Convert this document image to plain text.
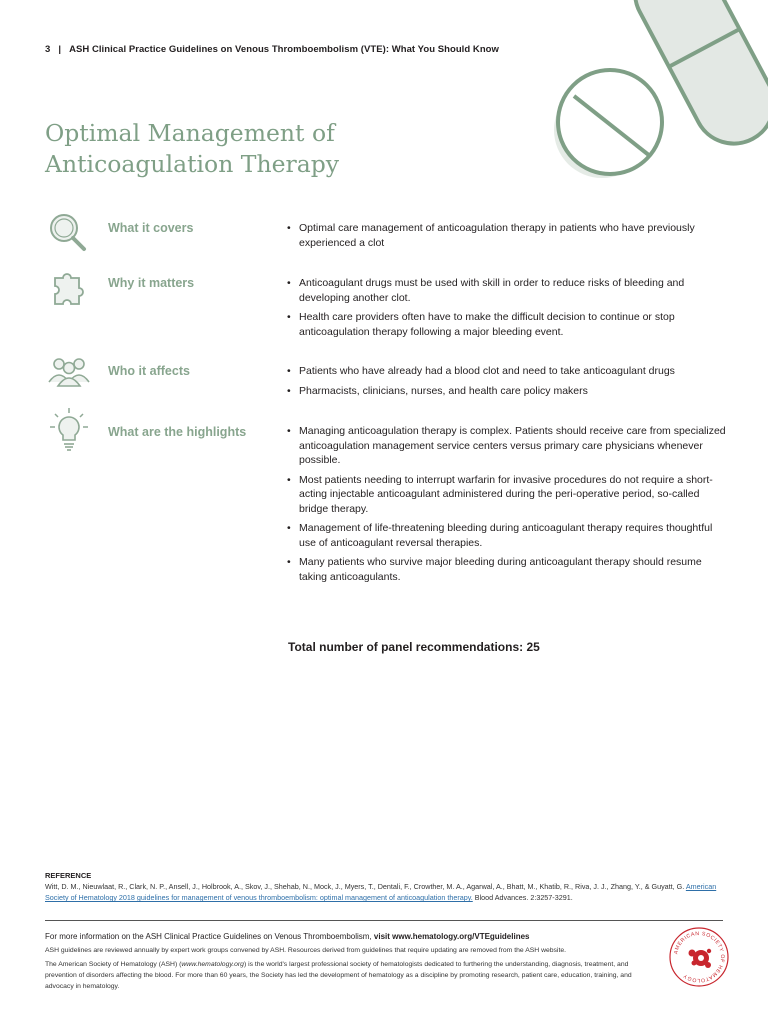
3 | ASH Clinical Practice Guidelines on Venous Thromboembolism (VTE): What You Should Know
Optimal Management of
Anticoagulation Therapy
What it covers	• Optimal care management of anticoagulation therapy in patients who have previously experienced a clot
Why it matters	• Anticoagulant drugs must be used with skill in order to reduce risks of bleeding and developing another clot.
• Health care providers often have to make the difficult decision to continue or stop anticoagulation therapy following a major bleeding event.
Who it affects	• Patients who have already had a blood clot and need to take anticoagulant drugs
• Pharmacists, clinicians, nurses, and health care policy makers
What are the highlights	• Managing anticoagulation therapy is complex. Patients should receive care from specialized anticoagulation management service centers versus primary care physicians whenever possible.
• Most patients needing to interrupt warfarin for invasive procedures do not require a short-acting injectable anticoagulant administered during the peri-operative period, so-called bridge therapy.
• Management of life-threatening bleeding during anticoagulant therapy requires thoughtful use of anticoagulant reversal therapies.
• Many patients who survive major bleeding during anticoagulant therapy should resume taking anticoagulants.
Total number of panel recommendations: 25
REFERENCE
Witt, D. M., Nieuwlaat, R., Clark, N. P., Ansell, J., Holbrook, A., Skov, J., Shehab, N., Mock, J., Myers, T., Dentali, F., Crowther, M. A., Agarwal, A., Bhatt, M., Khatib, R., Riva, J. J., Zhang, Y., & Guyatt, G. American Society of Hematology 2018 guidelines for management of venous thromboembolism: optimal management of anticoagulation therapy. Blood Advances. 2:3257-3291.
For more information on the ASH Clinical Practice Guidelines on Venous Thromboembolism, visit www.hematology.org/VTEguidelines
ASH guidelines are reviewed annually by expert work groups convened by ASH. Resources derived from guidelines that require updating are removed from the ASH website.
The American Society of Hematology (ASH) (www.hematology.org) is the world's largest professional society of hematologists dedicated to furthering the understanding, diagnosis, treatment, and prevention of disorders affecting the blood. For more than 60 years, the Society has led the development of hematology as a discipline by promoting research, patient care, education, training, and advocacy in hematology.
AMERICAN SOCIETY OF HEMATOLOGY
